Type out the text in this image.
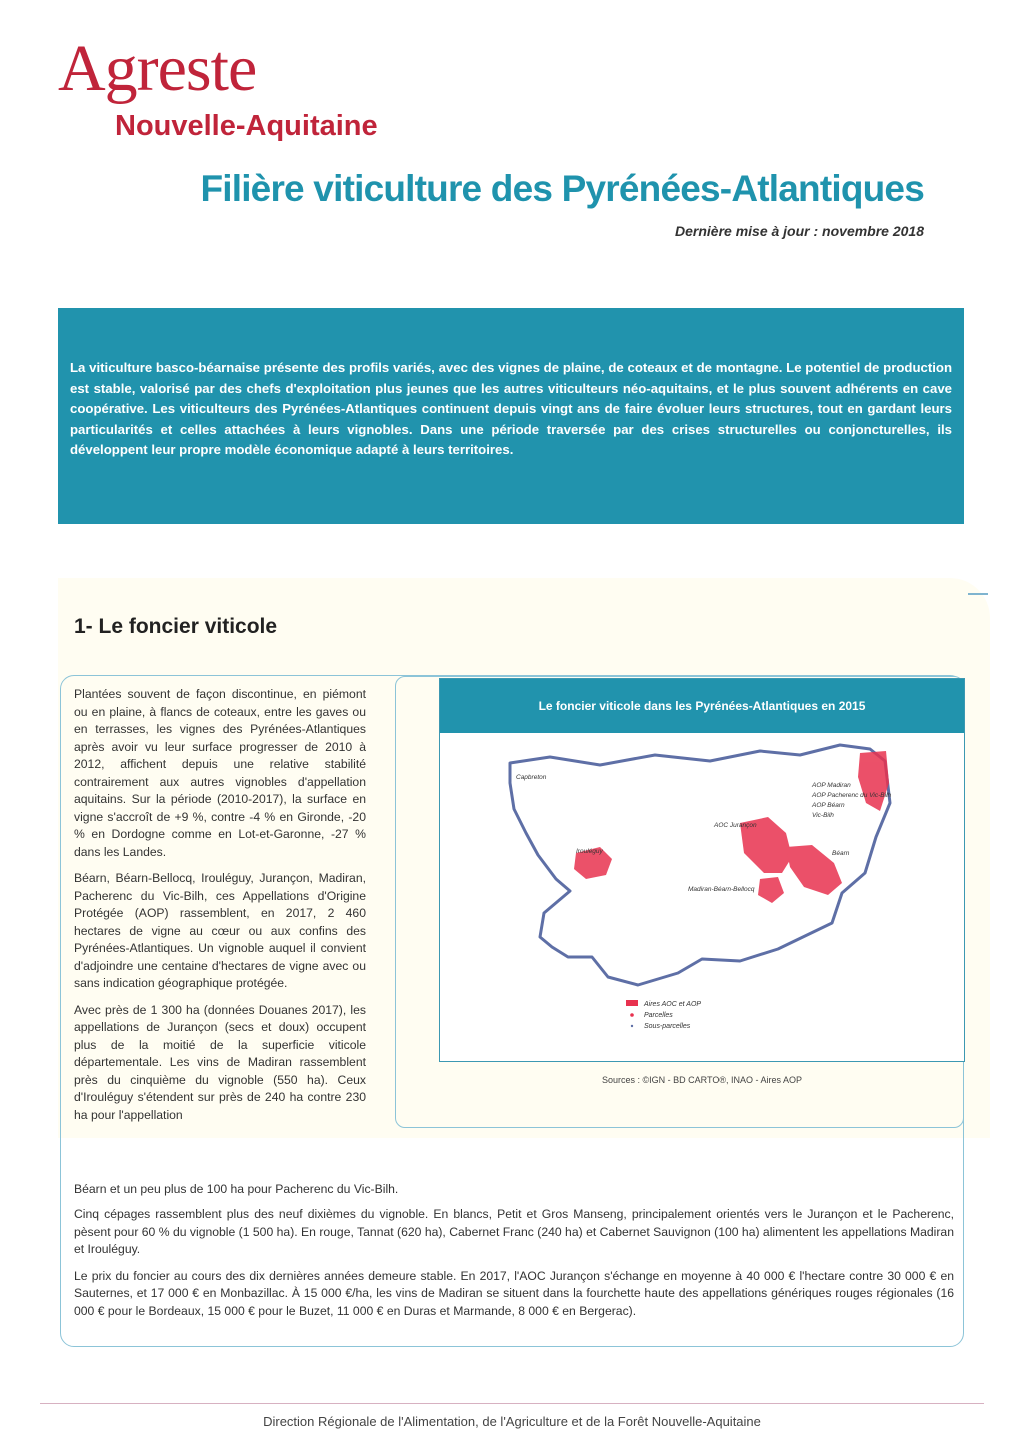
Agreste
Nouvelle-Aquitaine
Filière viticulture des Pyrénées-Atlantiques
Dernière mise à jour : novembre 2018

La viticulture basco-béarnaise présente des profils variés, avec des vignes de plaine, de coteaux et de montagne. Le potentiel de production est stable, valorisé par des chefs d'exploitation plus jeunes que les autres viticulteurs néo-aquitains, et le plus souvent adhérents en cave coopérative. Les viticulteurs des Pyrénées-Atlantiques continuent depuis vingt ans de faire évoluer leurs structures, tout en gardant leurs particularités et celles attachées à leurs vignobles. Dans une période traversée par des crises structurelles ou conjoncturelles, ils développent leur propre modèle économique adapté à leurs territoires.

1- Le foncier viticole

Plantées souvent de façon discontinue, en piémont ou en plaine, à flancs de coteaux, entre les gaves ou en terrasses, les vignes des Pyrénées-Atlantiques après avoir vu leur surface progresser de 2010 à 2012, affichent depuis une relative stabilité contrairement aux autres vignobles d'appellation aquitains. Sur la période (2010-2017), la surface en vigne s'accroît de +9 %, contre -4 % en Gironde, -20 % en Dordogne comme en Lot-et-Garonne, -27 % dans les Landes.

Béarn, Béarn-Bellocq, Irouléguy, Jurançon, Madiran, Pacherenc du Vic-Bilh, ces Appellations d'Origine Protégée (AOP) rassemblent, en 2017, 2 460 hectares de vigne au cœur ou aux confins des Pyrénées-Atlantiques. Un vignoble auquel il convient d'adjoindre une centaine d'hectares de vigne avec ou sans indication géographique protégée.

Avec près de 1 300 ha (données Douanes 2017), les appellations de Jurançon (secs et doux) occupent plus de la moitié de la superficie viticole départementale. Les vins de Madiran rassemblent près du cinquième du vignoble (550 ha). Ceux d'Irouléguy s'étendent sur près de 240 ha contre 230 ha pour l'appellation

Béarn et un peu plus de 100 ha pour Pacherenc du Vic-Bilh.

Cinq cépages rassemblent plus des neuf dixièmes du vignoble. En blancs, Petit et Gros Manseng, principalement orientés vers le Jurançon et le Pacherenc, pèsent pour 60 % du vignoble (1 500 ha). En rouge, Tannat (620 ha), Cabernet Franc (240 ha) et Cabernet Sauvignon (100 ha) alimentent les appellations Madiran et Irouléguy.

Le prix du foncier au cours des dix dernières années demeure stable. En 2017, l'AOC Jurançon s'échange en moyenne à 40 000 € l'hectare contre 30 000 € en Sauternes, et 17 000 € en Monbazillac. À 15 000 €/ha, les vins de Madiran se situent dans la fourchette haute des appellations génériques rouges régionales (16 000 € pour le Bordeaux, 15 000 € pour le Buzet, 11 000 € en Duras et Marmande, 8 000 € en Bergerac).

Le foncier viticole dans les Pyrénées-Atlantiques en 2015
Capbreton
AOP Madiran
AOP Pacherenc du Vic-Bilh
AOP Béarn
AOC Jurançon
Béarn
Irouléguy
Vic-Bilh
Madiran-Béarn-Bellocq
Aires AOC et AOP
Parcelles
Sous-parcelles
Sources : ©IGN - BD CARTO®, INAO - Aires AOP
Direction Régionale de l'Alimentation, de l'Agriculture et de la Forêt Nouvelle-Aquitaine
